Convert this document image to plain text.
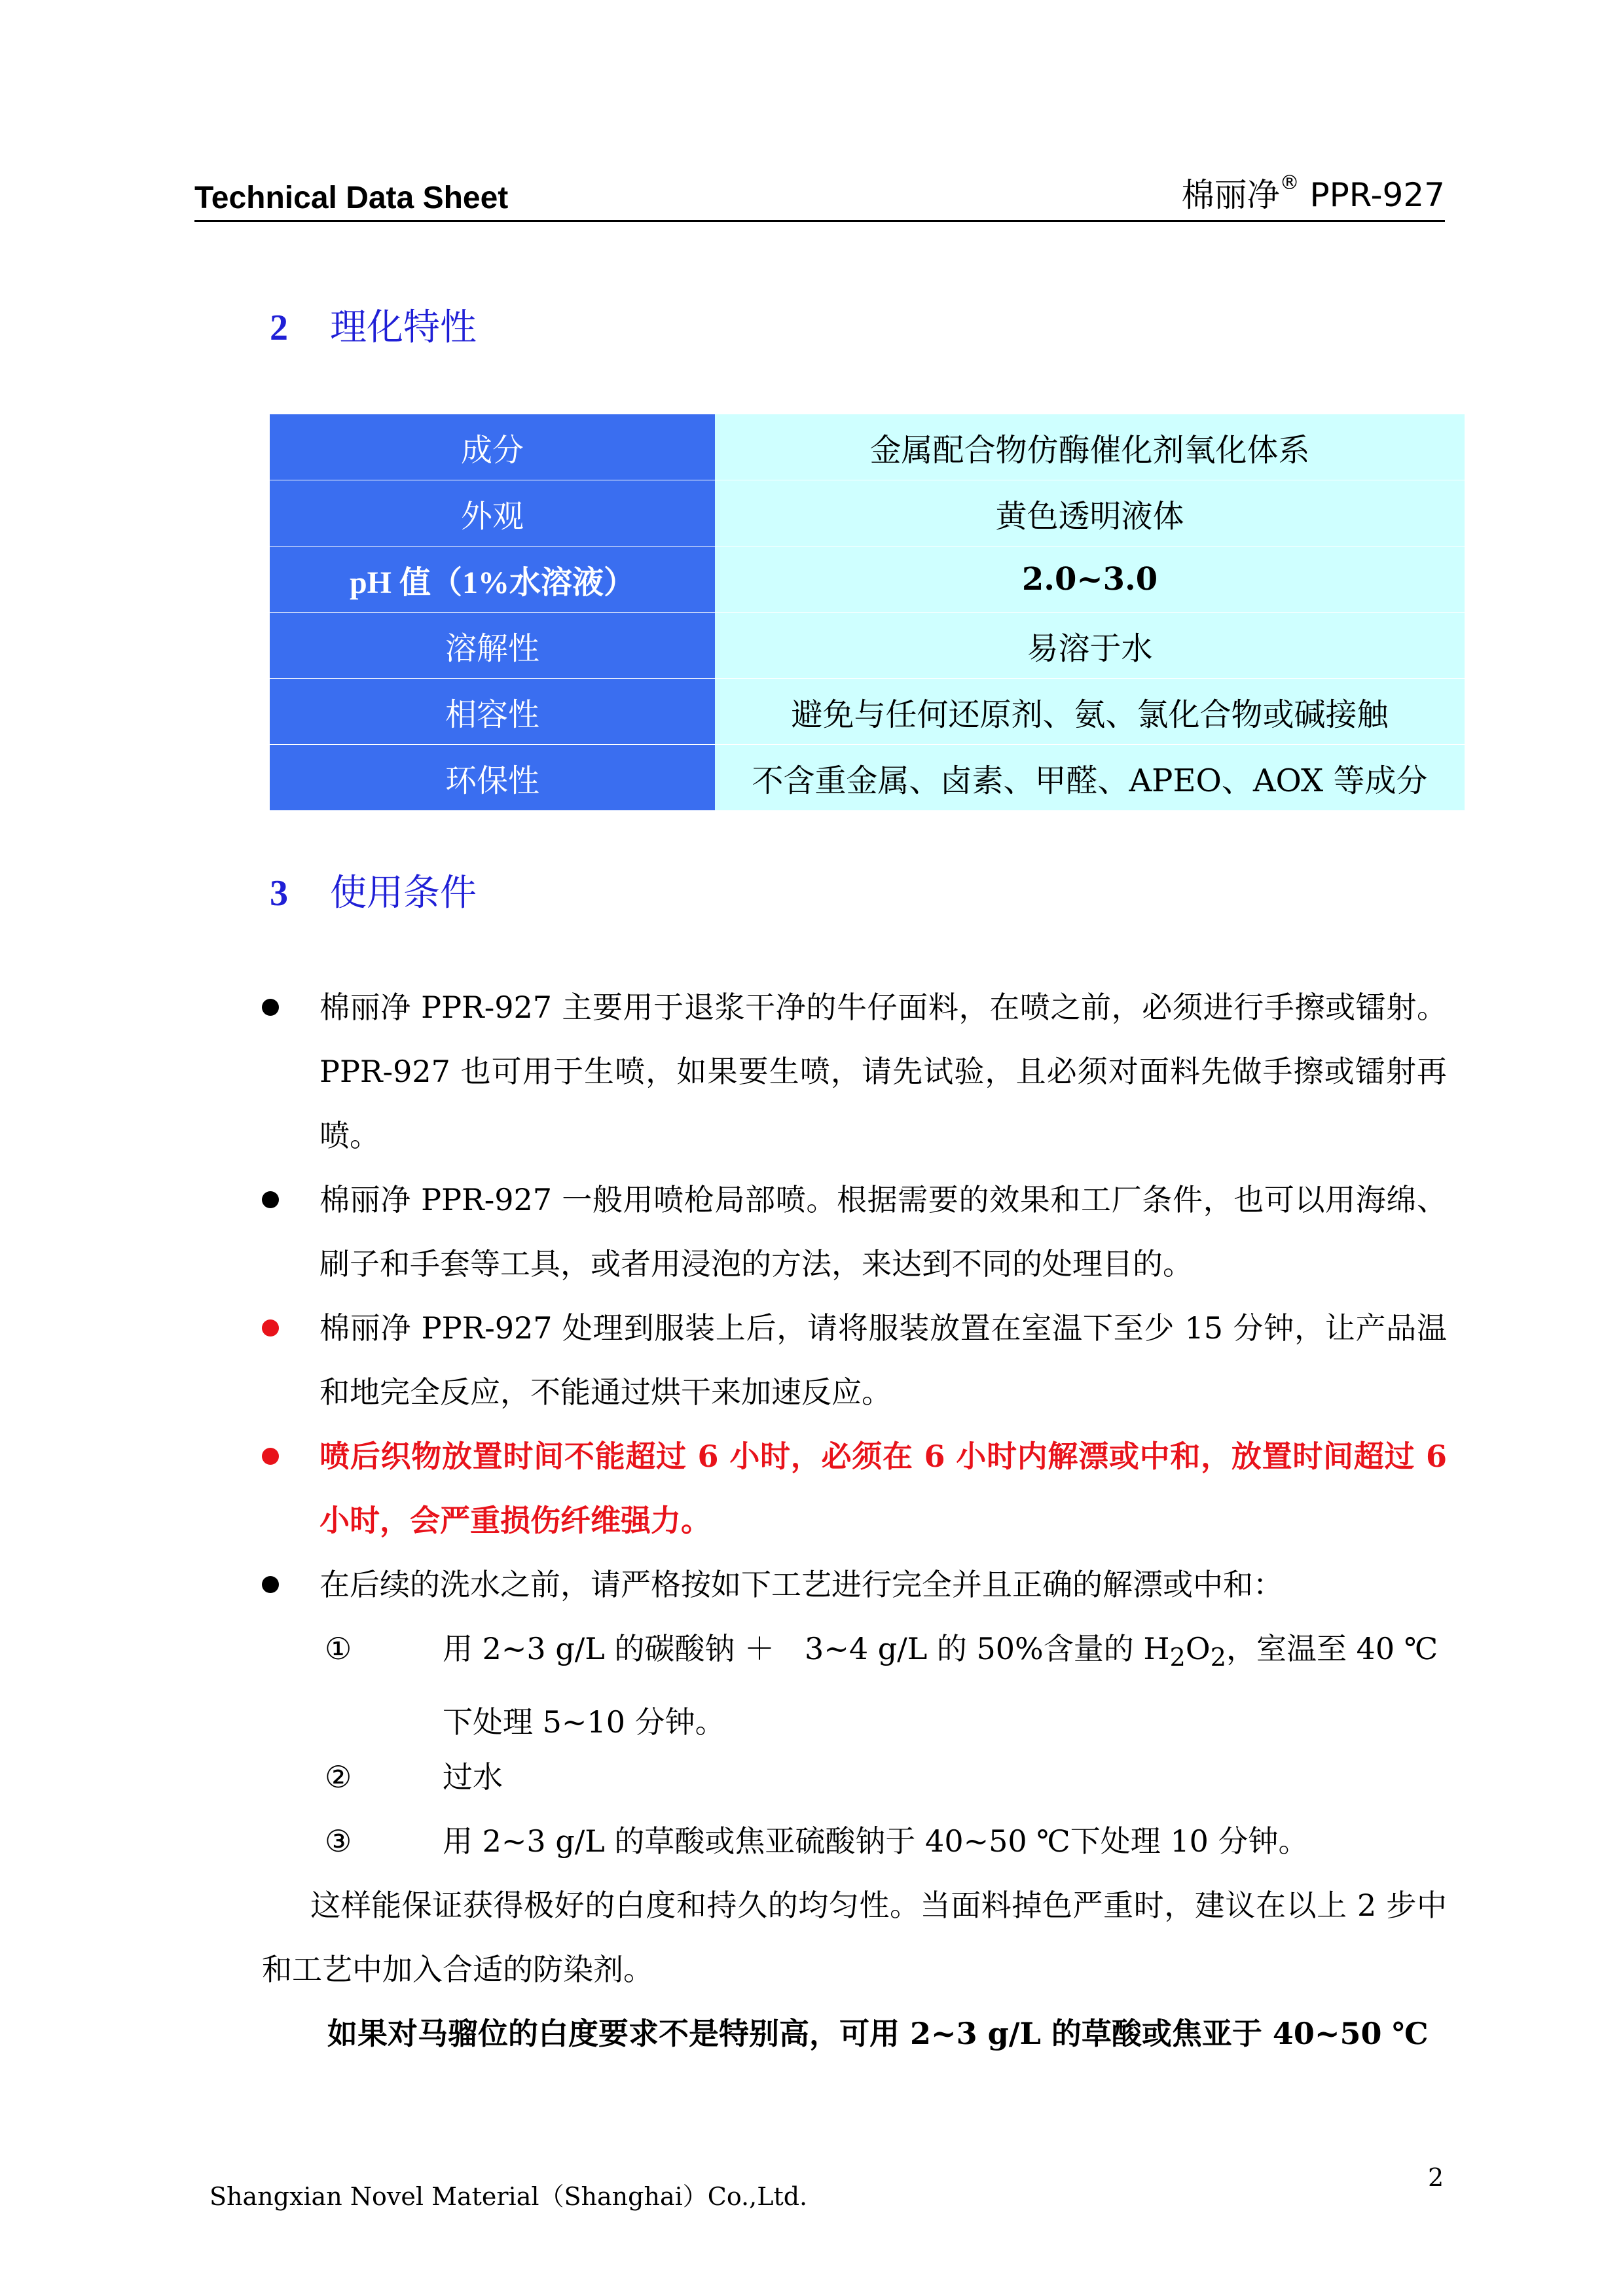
Technical Data Sheet	棉丽净® PPR-927
2 理化特性
成分	金属配合物仿酶催化剂氧化体系
外观	黄色透明液体
pH 值（1%水溶液）	2.0~3.0
溶解性	易溶于水
相容性	避免与任何还原剂、氨、氯化合物或碱接触
环保性	不含重金属、卤素、甲醛、APEO、AOX 等成分
3 使用条件
棉丽净 PPR-927 主要用于退浆干净的牛仔面料，在喷之前，必须进行手擦或镭射。PPR-927 也可用于生喷，如果要生喷，请先试验，且必须对面料先做手擦或镭射再喷。
棉丽净 PPR-927 一般用喷枪局部喷。根据需要的效果和工厂条件，也可以用海绵、刷子和手套等工具，或者用浸泡的方法，来达到不同的处理目的。
棉丽净 PPR-927 处理到服装上后，请将服装放置在室温下至少 15 分钟，让产品温和地完全反应，不能通过烘干来加速反应。
喷后织物放置时间不能超过 6 小时，必须在 6 小时内解漂或中和，放置时间超过 6 小时，会严重损伤纤维强力。
在后续的洗水之前，请严格按如下工艺进行完全并且正确的解漂或中和：
①	用 2~3 g/L 的碳酸钠 ＋　3~4 g/L 的 50%含量的 $H_2O_2$，室温至 40 ℃下处理 5~10 分钟。
②	过水
③	用 2~3 g/L 的草酸或焦亚硫酸钠于 40~50 ℃下处理 10 分钟。
这样能保证获得极好的白度和持久的均匀性。当面料掉色严重时，建议在以上 2 步中和工艺中加入合适的防染剂。
如果对马骝位的白度要求不是特别高，可用 2~3 g/L 的草酸或焦亚于 40~50 ℃
Shangxian Novel Material（Shanghai）Co.,Ltd.
2
